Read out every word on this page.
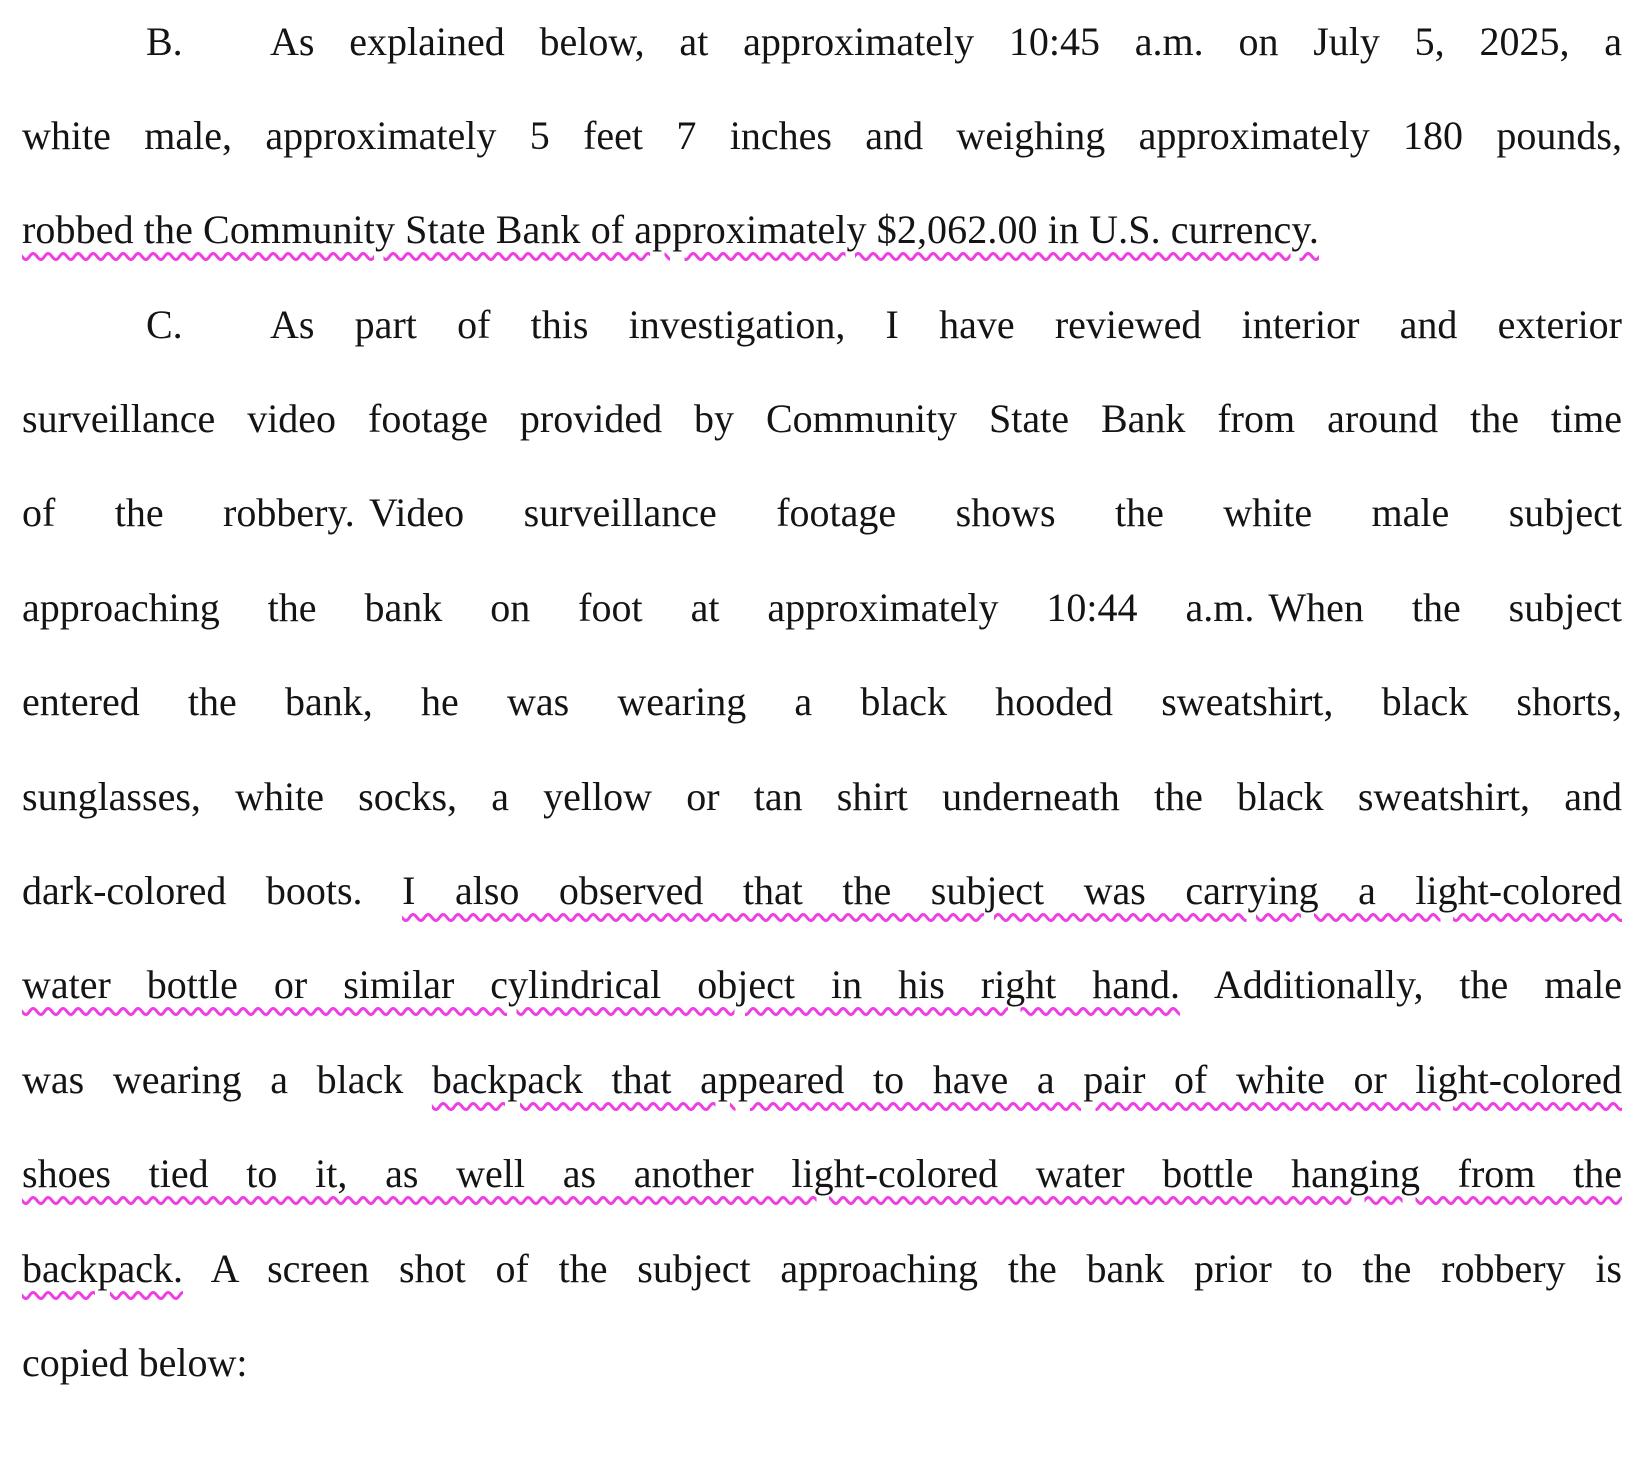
B. As explained below, at approximately 10:45 a.m. on July 5, 2025, a
white male, approximately 5 feet 7 inches and weighing approximately 180 pounds,
robbed the Community State Bank of approximately $2,062.00 in U.S. currency.
C. As part of this investigation, I have reviewed interior and exterior
surveillance video footage provided by Community State Bank from around the time
of the robbery. Video surveillance footage shows the white male subject
approaching the bank on foot at approximately 10:44 a.m. When the subject
entered the bank, he was wearing a black hooded sweatshirt, black shorts,
sunglasses, white socks, a yellow or tan shirt underneath the black sweatshirt, and
dark-colored boots. I also observed that the subject was carrying a light-colored
water bottle or similar cylindrical object in his right hand. Additionally, the male
was wearing a black backpack that appeared to have a pair of white or light-colored
shoes tied to it, as well as another light-colored water bottle hanging from the
backpack. A screen shot of the subject approaching the bank prior to the robbery is
copied below:
